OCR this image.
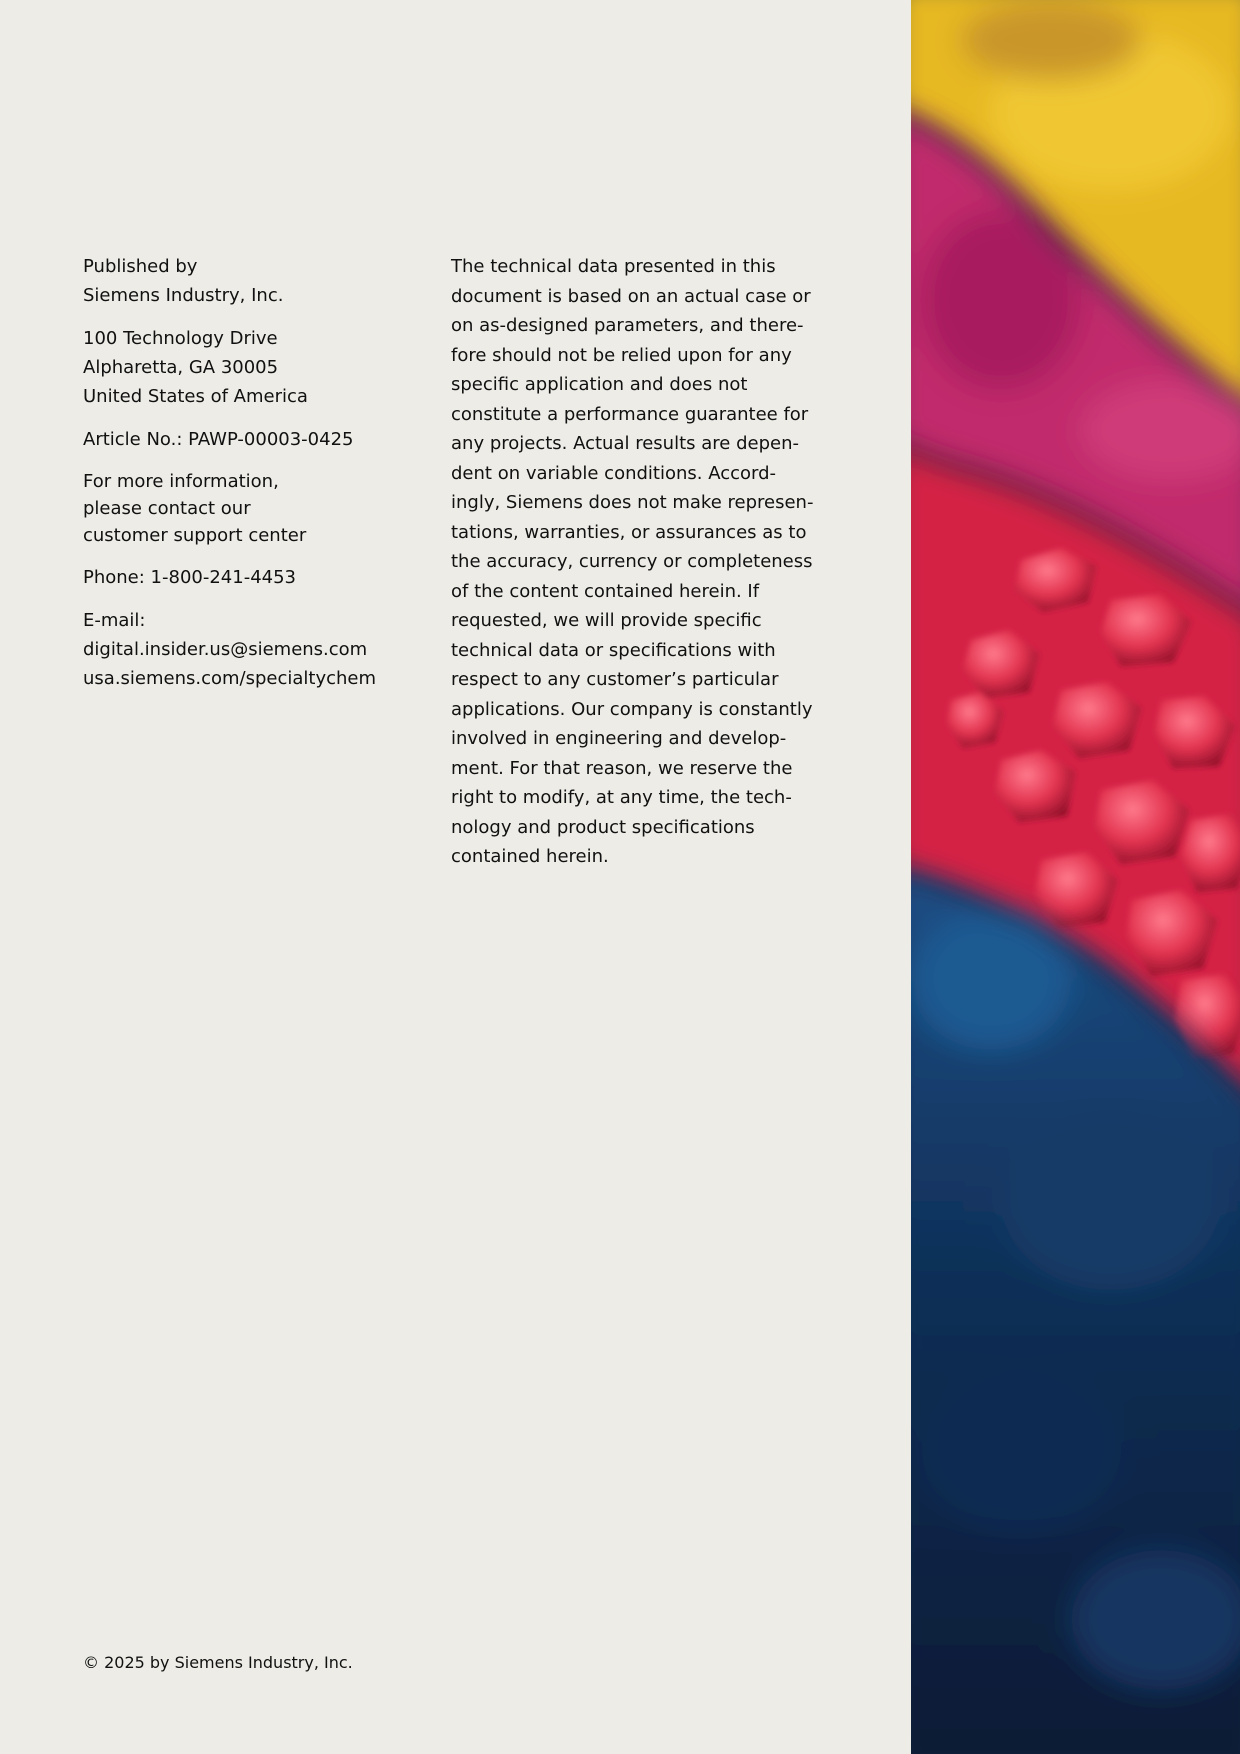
Published by
Siemens Industry, Inc.

100 Technology Drive
Alpharetta, GA 30005
United States of America

Article No.: PAWP-00003-0425

For more information,
please contact our
customer support center

Phone: 1-800-241-4453

E-mail: digital.insider.us@siemens.com
usa.siemens.com/specialtychem

The technical data presented in this
document is based on an actual case or
on as-designed parameters, and there-
fore should not be relied upon for any
specific application and does not
constitute a performance guarantee for
any projects. Actual results are depen-
dent on variable conditions. Accord-
ingly, Siemens does not make represen-
tations, warranties, or assurances as to
the accuracy, currency or completeness
of the content contained herein. If
requested, we will provide specific
technical data or specifications with
respect to any customer’s particular
applications. Our company is constantly
involved in engineering and develop-
ment. For that reason, we reserve the
right to modify, at any time, the tech-
nology and product specifications
contained herein.
© 2025 by Siemens Industry, Inc.
